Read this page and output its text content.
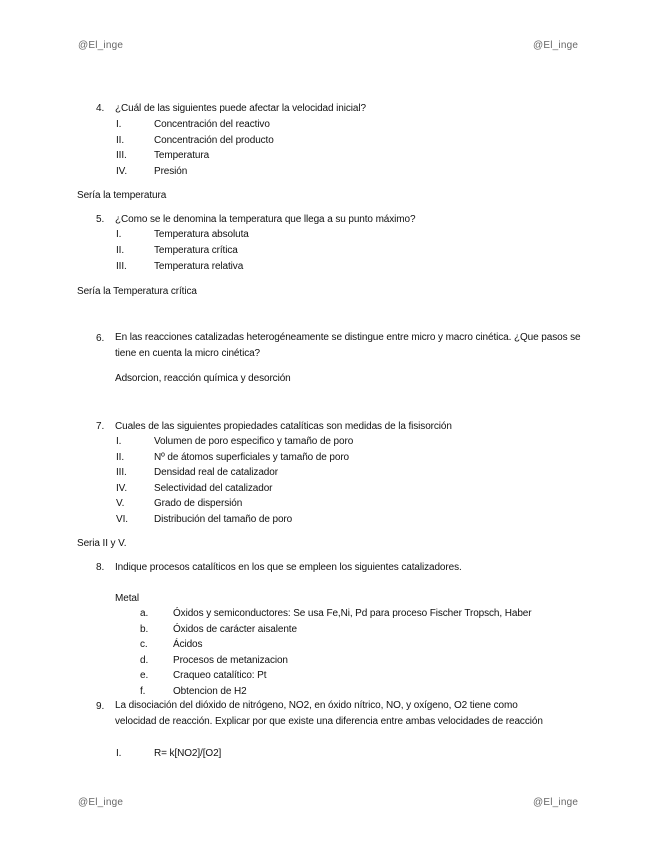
@El_inge	@El_inge
4. ¿Cuál de las siguientes puede afectar la velocidad inicial?
I.	Concentración del reactivo
II.	Concentración del producto
III.	Temperatura
IV.	Presión
Sería la temperatura
5. ¿Como se le denomina la temperatura que llega a su punto máximo?
I.	Temperatura absoluta
II.	Temperatura crítica
III.	Temperatura relativa
Sería la Temperatura crítica
6. En las reacciones catalizadas heterogéneamente se distingue entre micro y macro cinética. ¿Que pasos se tiene en cuenta la micro cinética?
Adsorcion, reacción química y desorción
7. Cuales de las siguientes propiedades catalíticas son medidas de la fisisorción
I.	Volumen de poro especifico y tamaño de poro
II.	Nº de átomos superficiales y tamaño de poro
III.	Densidad real de catalizador
IV.	Selectividad del catalizador
V.	Grado de dispersión
VI.	Distribución del tamaño de poro
Seria II y V.
8. Indique procesos catalíticos en los que se empleen los siguientes catalizadores.
Metal
a.	Óxidos y semiconductores: Se usa Fe,Ni, Pd para proceso Fischer Tropsch, Haber
b.	Óxidos de carácter aisalente
c.	Ácidos
d.	Procesos de metanizacion
e.	Craqueo catalítico: Pt
f.	Obtencion de H2
9. La disociación del dióxido de nitrógeno, NO2, en óxido nítrico, NO, y oxígeno, O2 tiene como velocidad de reacción. Explicar por que existe una diferencia entre ambas velocidades de reacción
I.	R= k[NO2]/[O2]
@El_inge	@El_inge
